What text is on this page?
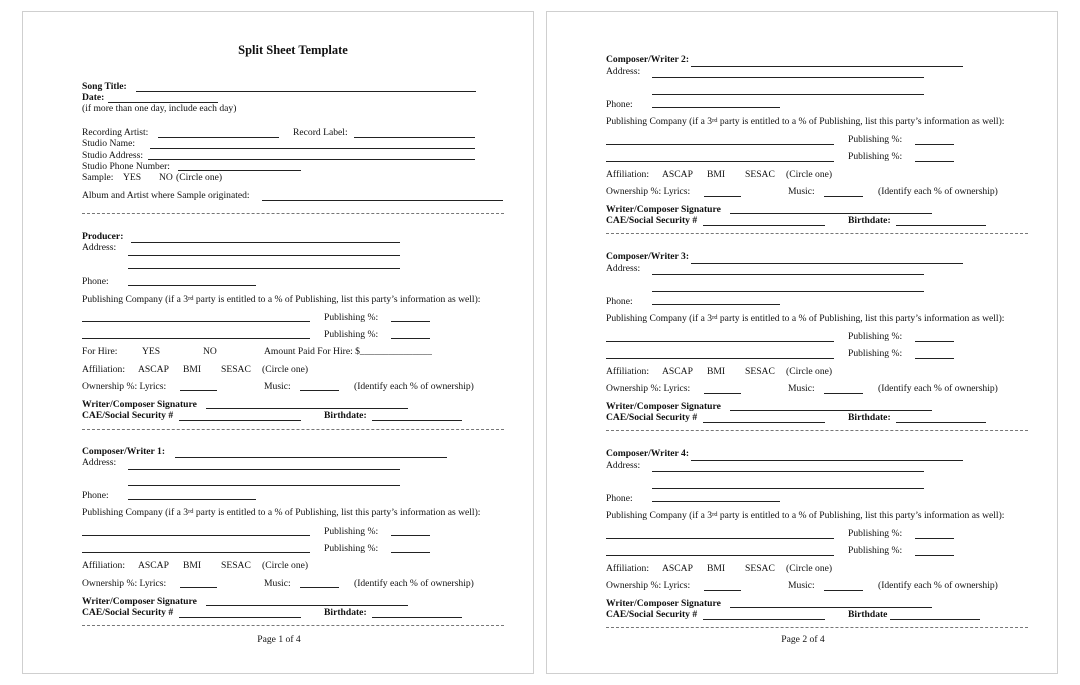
Split Sheet Template
Song Title:
Date:
(if more than one day, include each day)
Recording Artist:	Record Label:
Studio Name:
Studio Address:
Studio Phone Number:
Sample: YES NO (Circle one)
Album and Artist where Sample originated:
Producer:
Address:
Phone:
Publishing Company (if a 3rd party is entitled to a % of Publishing, list this party’s information as well):
Publishing %:
Publishing %:
For Hire:	YES	NO	Amount Paid For Hire: $_______________
Affiliation: ASCAP BMI SESAC (Circle one)
Ownership %: Lyrics:	Music:	(Identify each % of ownership)
Writer/Composer Signature
CAE/Social Security #	Birthdate:
Composer/Writer 1:
Address:
Phone:
Publishing Company (if a 3rd party is entitled to a % of Publishing, list this party’s information as well):
Publishing %:
Publishing %:
Affiliation: ASCAP BMI SESAC (Circle one)
Ownership %: Lyrics:	Music:	(Identify each % of ownership)
Writer/Composer Signature
CAE/Social Security #	Birthdate:
Page 1 of 4
Composer/Writer 2:
Address:
Phone:
Publishing Company (if a 3rd party is entitled to a % of Publishing, list this party’s information as well):
Publishing %:
Publishing %:
Affiliation: ASCAP BMI SESAC (Circle one)
Ownership %: Lyrics:	Music:	(Identify each % of ownership)
Writer/Composer Signature
CAE/Social Security #	Birthdate:
Composer/Writer 3:
Address:
Phone:
Publishing Company (if a 3rd party is entitled to a % of Publishing, list this party’s information as well):
Publishing %:
Publishing %:
Affiliation: ASCAP BMI SESAC (Circle one)
Ownership %: Lyrics:	Music:	(Identify each % of ownership)
Writer/Composer Signature
CAE/Social Security #	Birthdate:
Composer/Writer 4:
Address:
Phone:
Publishing Company (if a 3rd party is entitled to a % of Publishing, list this party’s information as well):
Publishing %:
Publishing %:
Affiliation: ASCAP BMI SESAC (Circle one)
Ownership %: Lyrics:	Music:	(Identify each % of ownership)
Writer/Composer Signature
CAE/Social Security #	Birthdate
Page 2 of 4
